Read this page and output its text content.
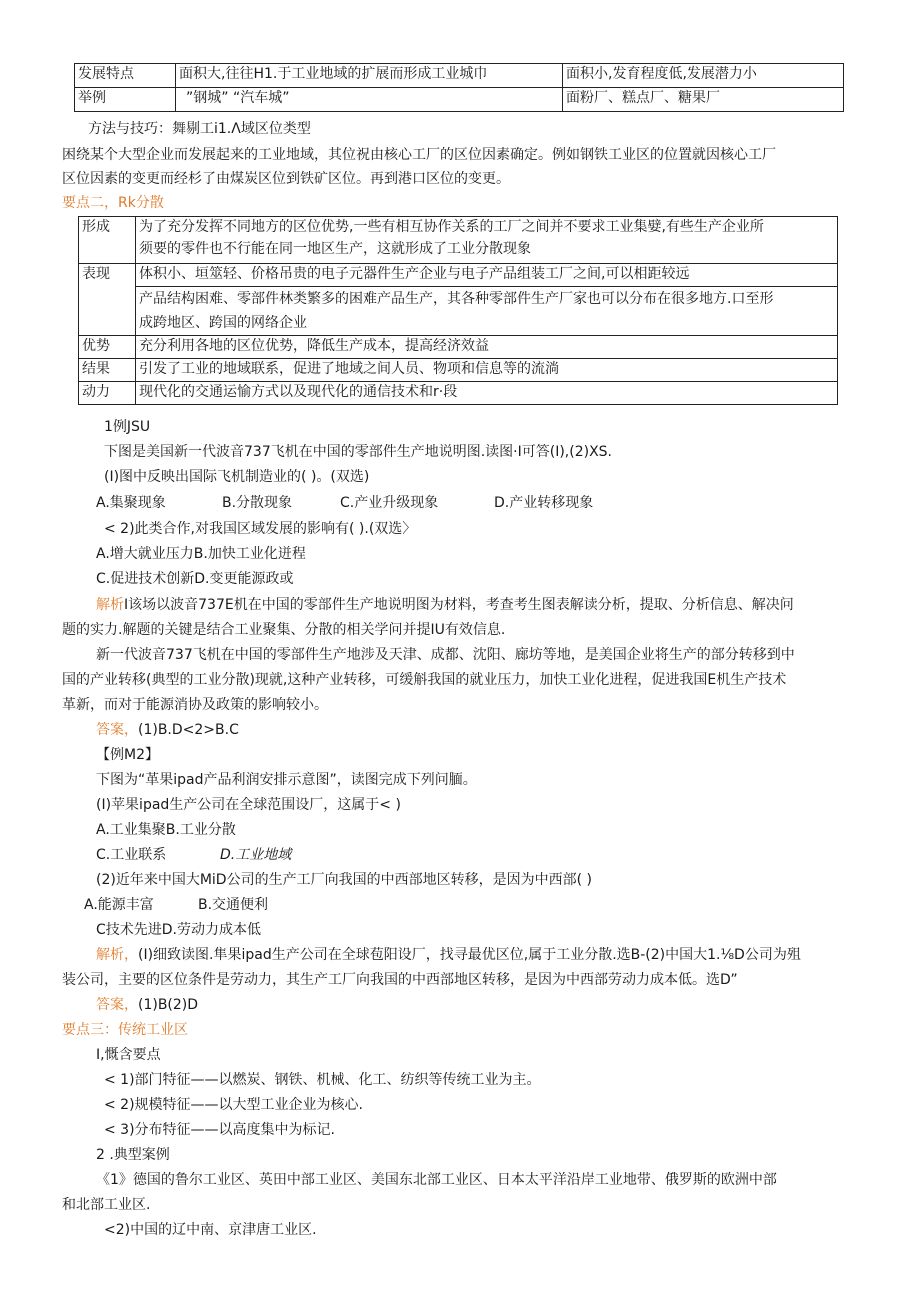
发展特点	面积大,往往H1.于工业地域的扩展而形成工业城巾	面积小,发育程度低,发展潜力小
举例	”钢城” “汽车城”	面粉厂、糕点厂、糖果厂
方法与技巧：舞剔工i1.Λ域区位类型
困绕某个大型企业而发展起来的工业地域，其位祝由核心工厂的区位因素确定。例如钢铁工业区的位置就因核心工厂
区位因素的变更而经杉了由煤炭区位到铁矿区位。再到港口区位的变更。
要点二，Rk分散
形成	为了充分发挥不同地方的区位优势,一些有相互协作关系的工厂之间并不要求工业集嬖,有些生产企业所
须要的零件也不行能在同一地区生产，这就形成了工业分散现象

表现	体积小、垣筮轻、价格吊贵的电子元器件生产企业与电子产品组装工厂之间,可以相距较远

	产品结构困难、零部件林类繁多的困难产品生产，其各种零部件生产厂家也可以分布在很多地方.口至形
成跨地区、跨国的网络企业

优势	充分利用各地的区位优势，降低生产成本，提高经济效益
结果	引发了工业的地域联系，促进了地域之间人员、物项和信息等的流淌
动力	现代化的交通运愉方式以及现代化的通信技术和r·段
1例JSU
下图是美国新一代波音737飞机在中国的零部件生产地说明图.读图·I可答(I),(2)XS.
(I)图中反映出国际飞机制造业的( )。(双选)
A.集聚现象	B.分散现象	C.产业升级现象	D.产业转移现象
< 2)此类合作,对我国区域发展的影响有( ).(双选〉
A.增大就业压力B.加快工业化迸程
C.促进技术创新D.变更能源政或
解析I该场以波音737E机在中国的零部件生产地说明图为材料，考查考生图表解读分析，提取、分析信息、解决问
题的实力.解题的关键是结合工业聚集、分散的相关学问并提IU有效信息.
新一代波音737飞机在中国的零部件生产地涉及天津、成都、沈阳、廊坊等地，是美国企业将生产的部分转移到中
国的产业转移(典型的工业分散)现就,这种产业转移，可缓斛我国的就业压力，加快工业化进程，促进我国E机生产技术
革新，而对于能源消协及政策的影响较小。
答案，(1)B.D<2>B.C
【例M2】
下图为“革果ipad产品利润安排示意图”，读图完成下列问腼。
(I)苹果ipad生产公司在全球范围设厂，这属于< )
A.工业集聚B.工业分散
C.工业联系	D.工业地域
(2)近年来中国大MiD公司的生产工厂向我国的中西部地区转移，是因为中西部( )
A.能源丰富	B.交通便利
C技术先进D.劳动力成本低
解析，(I)细致读图.隼果ipad生产公司在全球苞阳设厂，找寻最优区位,属于工业分散.选B-(2)中国大1.⅛D公司为殂
装公司，主要的区位条件是劳动力，其生产工厂向我国的中西部地区转移，是因为中西部劳动力成本低。选D”
答案，(1)B(2)D
要点三：传统工业区
I,慨含要点
< 1)部门特征——以燃炭、钢铁、机械、化工、纺织等传统工业为主。
< 2)规模特征——以大型工业企业为核心.
< 3)分布特征——以高度集中为标记.
2 .典型案例
《1》德国的鲁尔工业区、英田中部工业区、美国东北部工业区、日本太平洋沿岸工业地带、俄罗斯的欧洲中部
和北部工业区.
<2)中国的辽中南、京津唐工业区.
